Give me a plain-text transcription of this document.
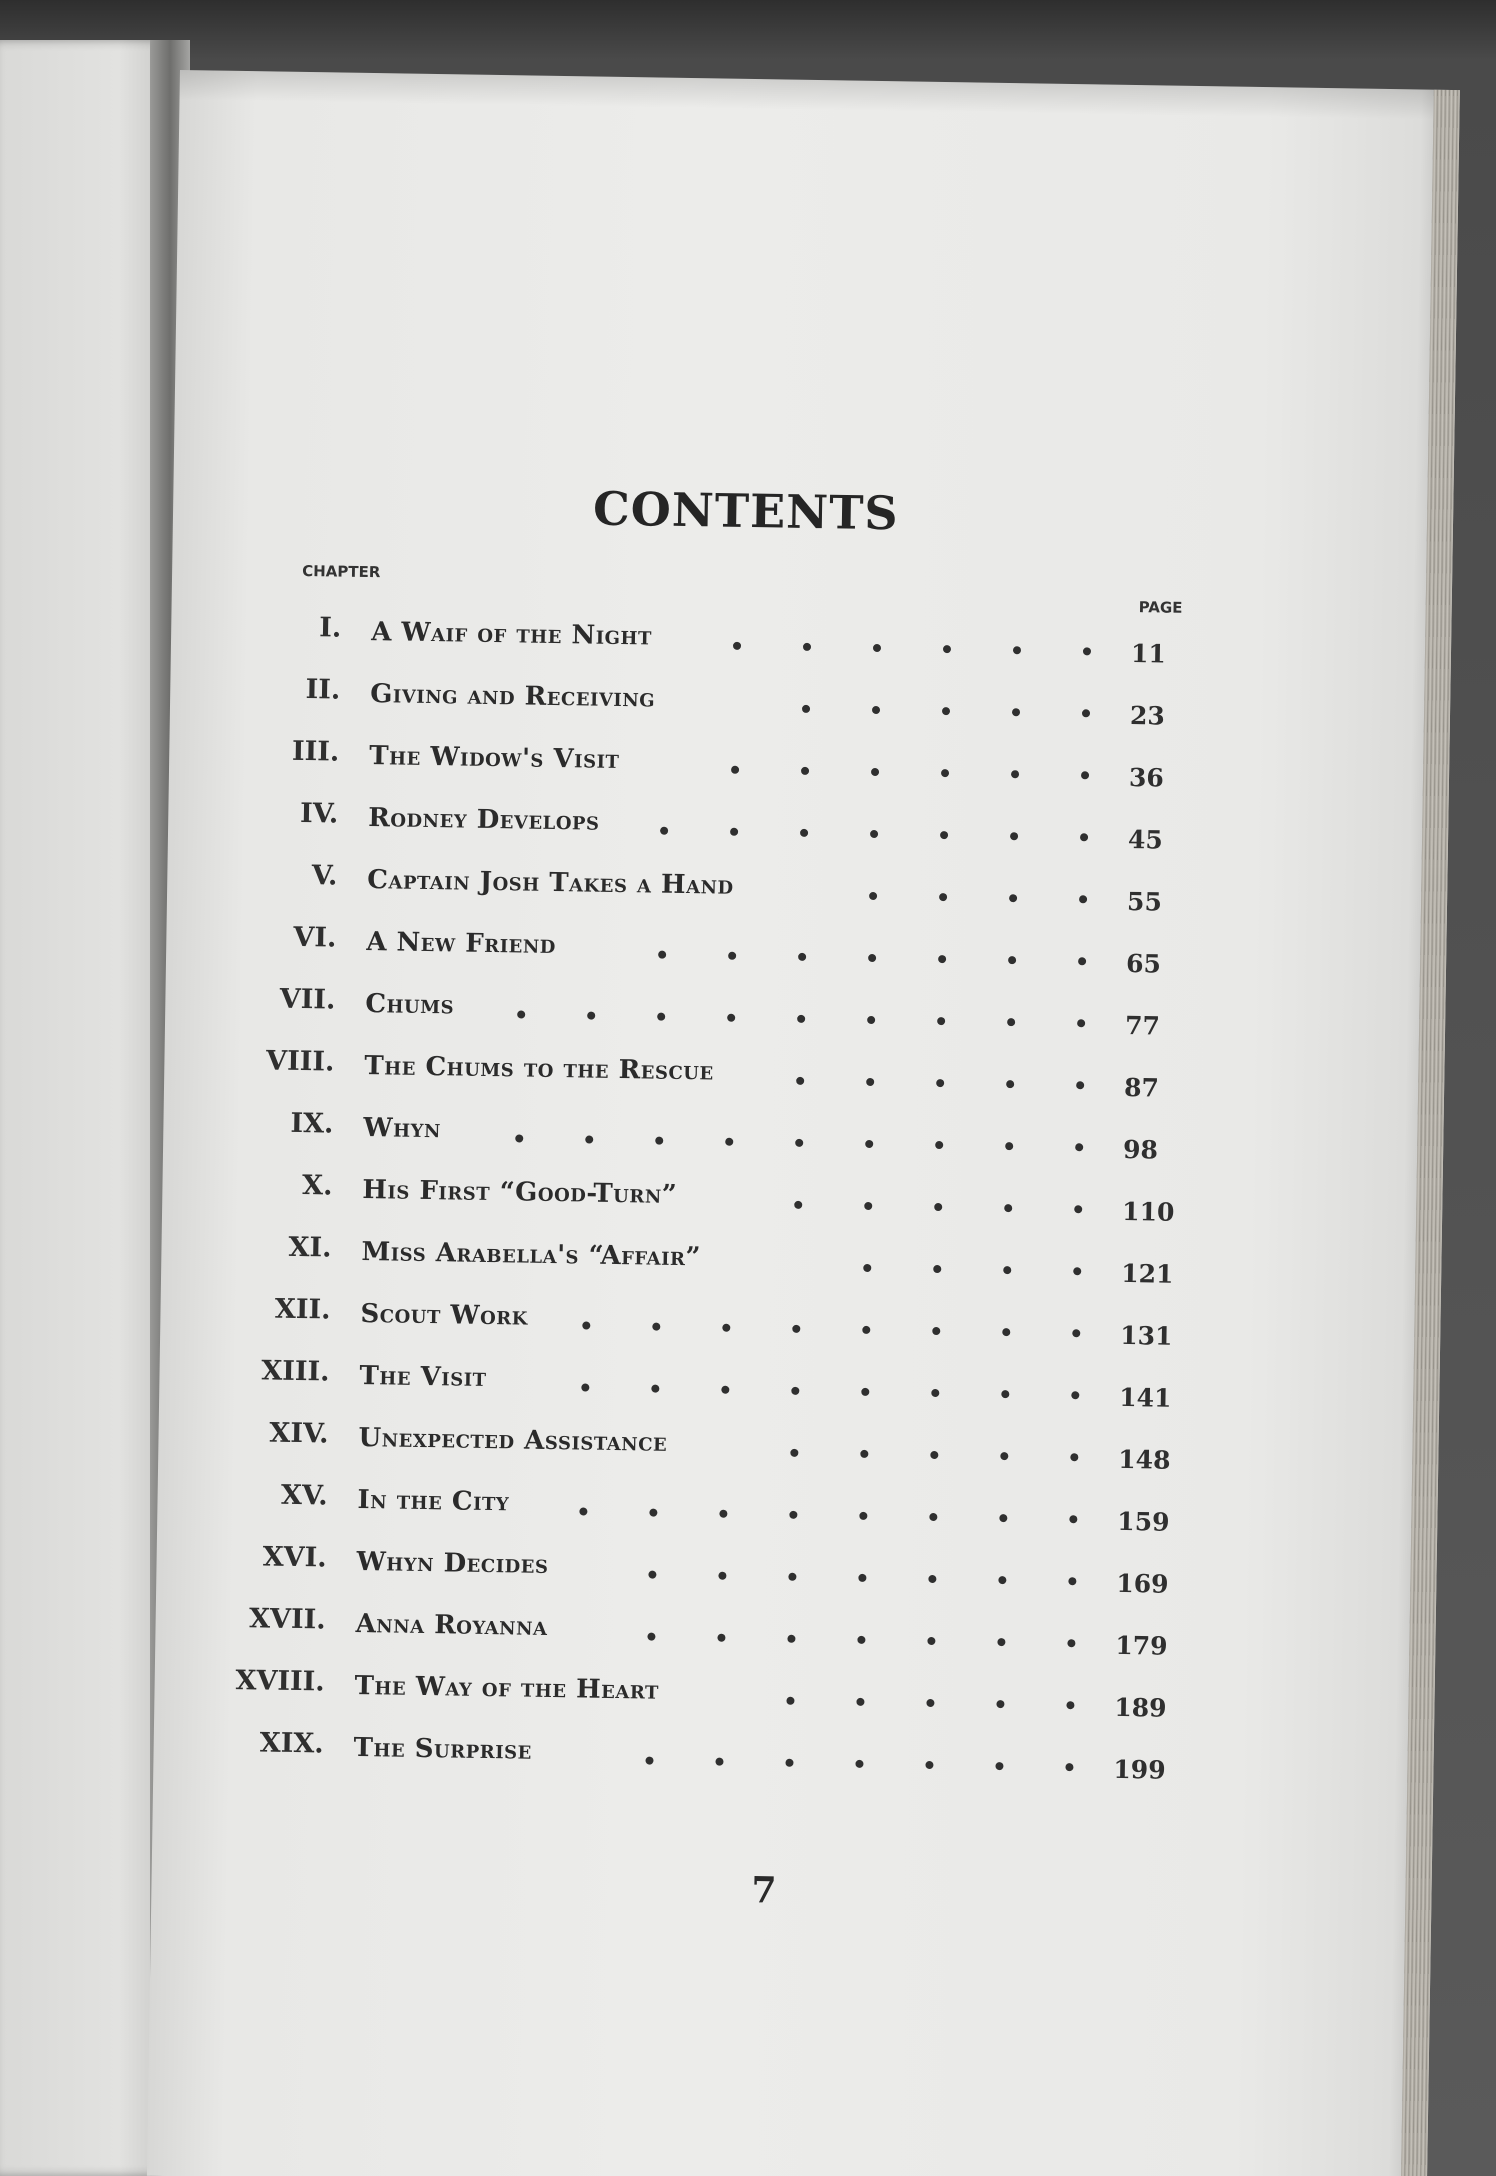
CONTENTS
CHAPTER
PAGE
I. A Waif of the Night
11
II. Giving and Receiving
23
III. The Widow's Visit
36
IV. Rodney Develops
45
V. Captain Josh Takes a Hand
55
VI. A New Friend
65
VII. Chums
77
VIII. The Chums to the Rescue
87
IX. Whyn
98
X. His First “Good-Turn”
110
XI. Miss Arabella's “Affair”
121
XII. Scout Work
131
XIII. The Visit
141
XIV. Unexpected Assistance
148
XV. In the City
159
XVI. Whyn Decides
169
XVII. Anna Royanna
179
XVIII. The Way of the Heart
189
XIX. The Surprise
199
7
